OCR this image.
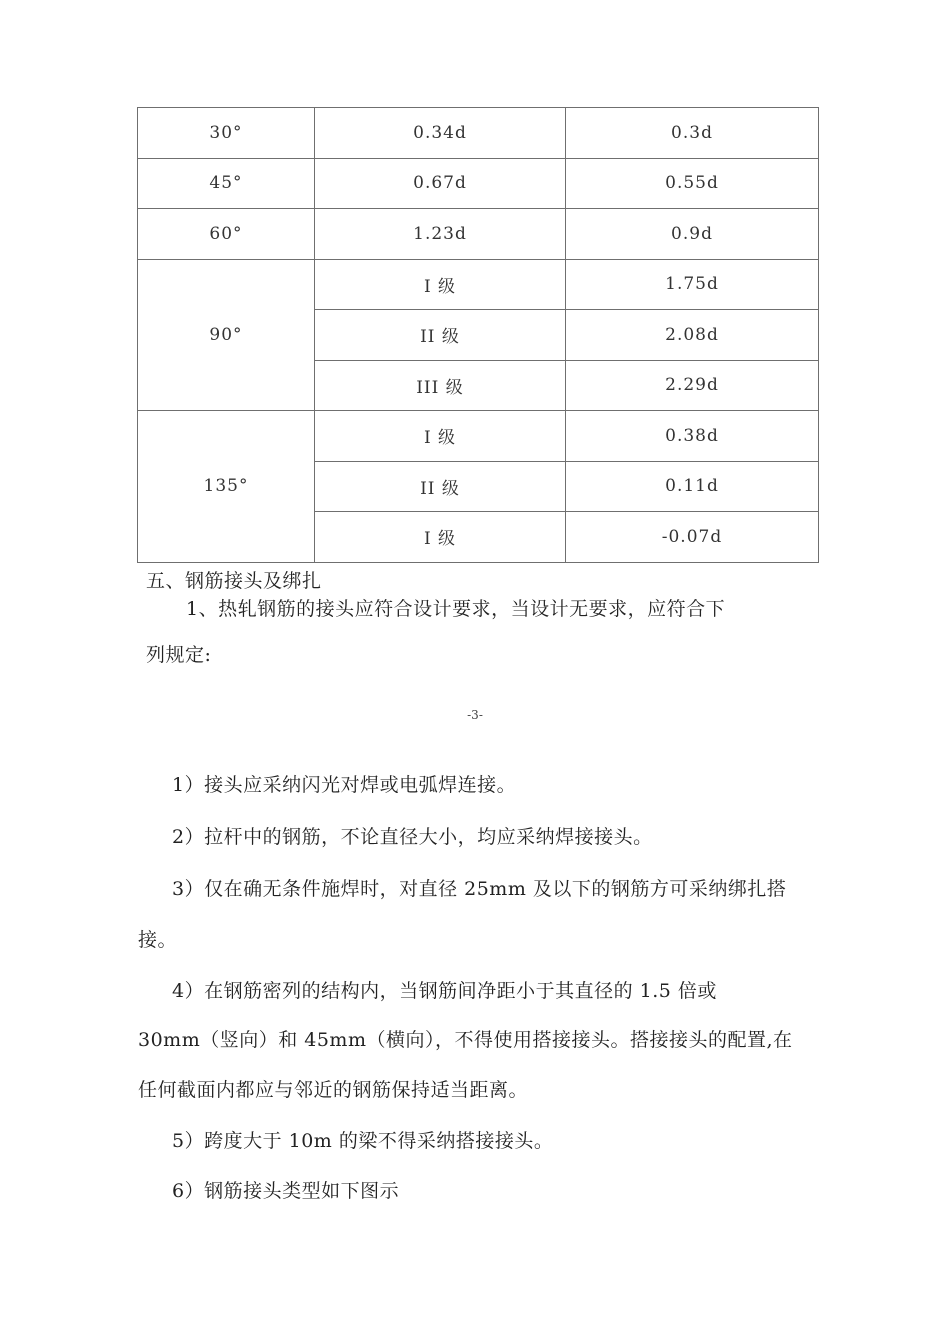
30°	0.34d	0.3d
45°	0.67d	0.55d
60°	1.23d	0.9d
90°	I 级	1.75d
	II 级	2.08d
	III 级	2.29d
135°	I 级	0.38d
	II 级	0.11d
	I 级	-0.07d

五、钢筋接头及绑扎

1、热轧钢筋的接头应符合设计要求，当设计无要求，应符合下

列规定:

-3-

1）接头应采纳闪光对焊或电弧焊连接。

2）拉杆中的钢筋，不论直径大小，均应采纳焊接接头。

3）仅在确无条件施焊时，对直径 25mm 及以下的钢筋方可采纳绑扎搭

接。

4）在钢筋密列的结构内，当钢筋间净距小于其直径的 1.5 倍或

30mm（竖向）和 45mm（横向），不得使用搭接接头。搭接接头的配置,在

任何截面内都应与邻近的钢筋保持适当距离。

5）跨度大于 10m 的梁不得采纳搭接接头。

6）钢筋接头类型如下图示
